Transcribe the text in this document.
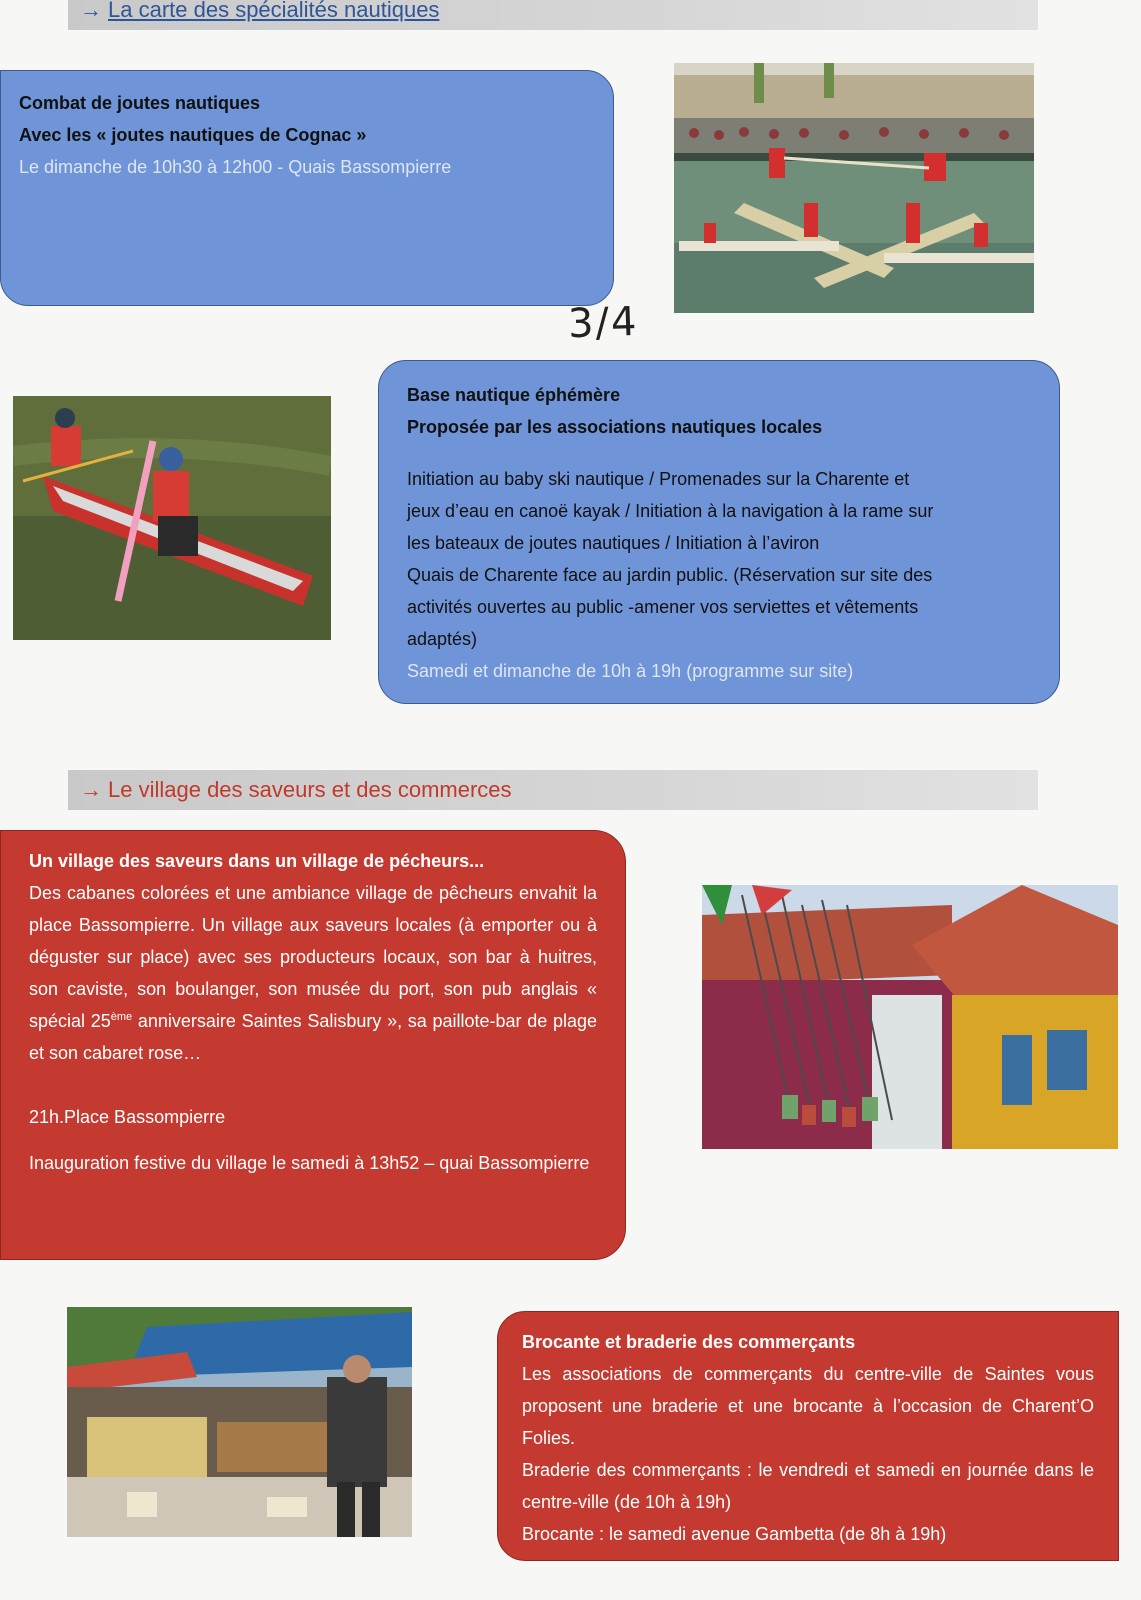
→ La carte des spécialités nautiques

Combat de joutes nautiques

Avec les « joutes nautiques de Cognac »

Le dimanche de 10h30 à 12h00 - Quais Bassompierre

3/4

Base nautique éphémère

Proposée par les associations nautiques locales

Initiation au baby ski nautique / Promenades sur la Charente et

jeux d’eau en canoë kayak / Initiation à la navigation à la rame sur

les bateaux de joutes nautiques / Initiation à l’aviron

Quais de Charente face au jardin public. (Réservation sur site des

activités ouvertes au public -amener vos serviettes et vêtements

adaptés)

Samedi et dimanche de 10h à 19h (programme sur site)

→ Le village des saveurs et des commerces

Un village des saveurs dans un village de pécheurs...

Des cabanes colorées et une ambiance village de pêcheurs envahit la place Bassompierre. Un village aux saveurs locales (à emporter ou à déguster sur place) avec ses producteurs locaux, son bar à huitres, son caviste, son boulanger, son musée du port, son pub anglais « spécial 25ème anniversaire Saintes Salisbury », sa paillote-bar de plage et son cabaret rose…

21h.Place Bassompierre

Inauguration festive du village le samedi à 13h52 – quai Bassompierre

Brocante et braderie des commerçants

Les associations de commerçants du centre-ville de Saintes vous proposent une braderie et une brocante à l’occasion de Charent’O Folies.

Braderie des commerçants : le vendredi et samedi en journée dans le centre-ville (de 10h à 19h)

Brocante : le samedi avenue Gambetta (de 8h à 19h)
